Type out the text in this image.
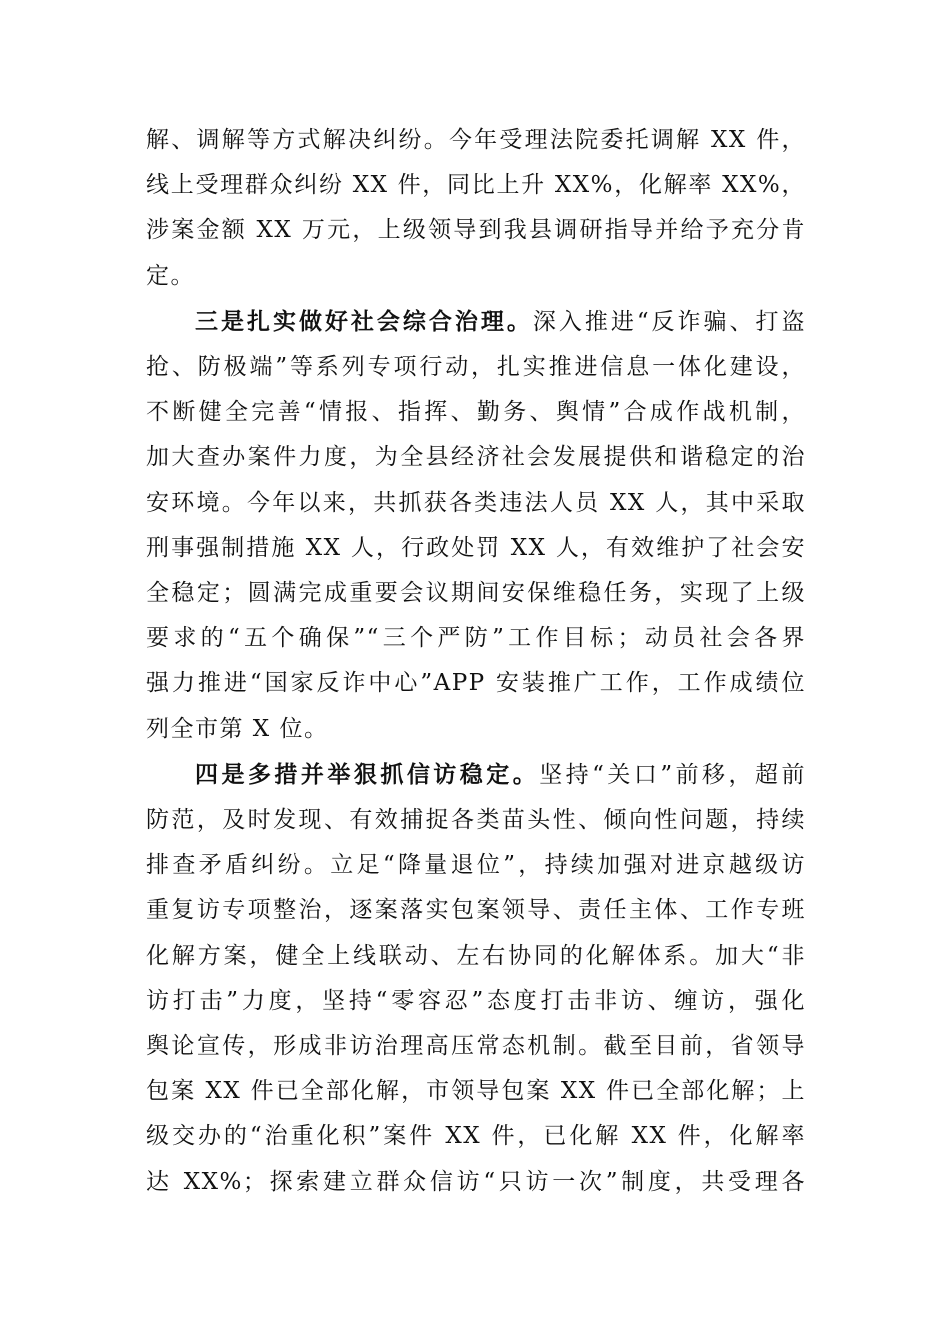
解、调解等方式解决纠纷。今年受理法院委托调解 XX 件，
线上受理群众纠纷 XX 件，同比上升 XX%，化解率 XX%，
涉案金额 XX 万元，上级领导到我县调研指导并给予充分肯
定。
三是扎实做好社会综合治理。深入推进“反诈骗、打盗
抢、防极端”等系列专项行动，扎实推进信息一体化建设，
不断健全完善“情报、指挥、勤务、舆情”合成作战机制，
加大查办案件力度，为全县经济社会发展提供和谐稳定的治
安环境。今年以来，共抓获各类违法人员 XX 人，其中采取
刑事强制措施 XX 人，行政处罚 XX 人，有效维护了社会安
全稳定；圆满完成重要会议期间安保维稳任务，实现了上级
要求的“五个确保”“三个严防”工作目标；动员社会各界
强力推进“国家反诈中心”APP 安装推广工作，工作成绩位
列全市第 X 位。
四是多措并举狠抓信访稳定。坚持“关口”前移，超前
防范，及时发现、有效捕捉各类苗头性、倾向性问题，持续
排查矛盾纠纷。立足“降量退位”，持续加强对进京越级访
重复访专项整治，逐案落实包案领导、责任主体、工作专班
化解方案，健全上线联动、左右协同的化解体系。加大“非
访打击”力度，坚持“零容忍”态度打击非访、缠访，强化
舆论宣传，形成非访治理高压常态机制。截至目前，省领导
包案 XX 件已全部化解，市领导包案 XX 件已全部化解；上
级交办的“治重化积”案件 XX 件，已化解 XX 件，化解率
达 XX%；探索建立群众信访“只访一次”制度，共受理各
